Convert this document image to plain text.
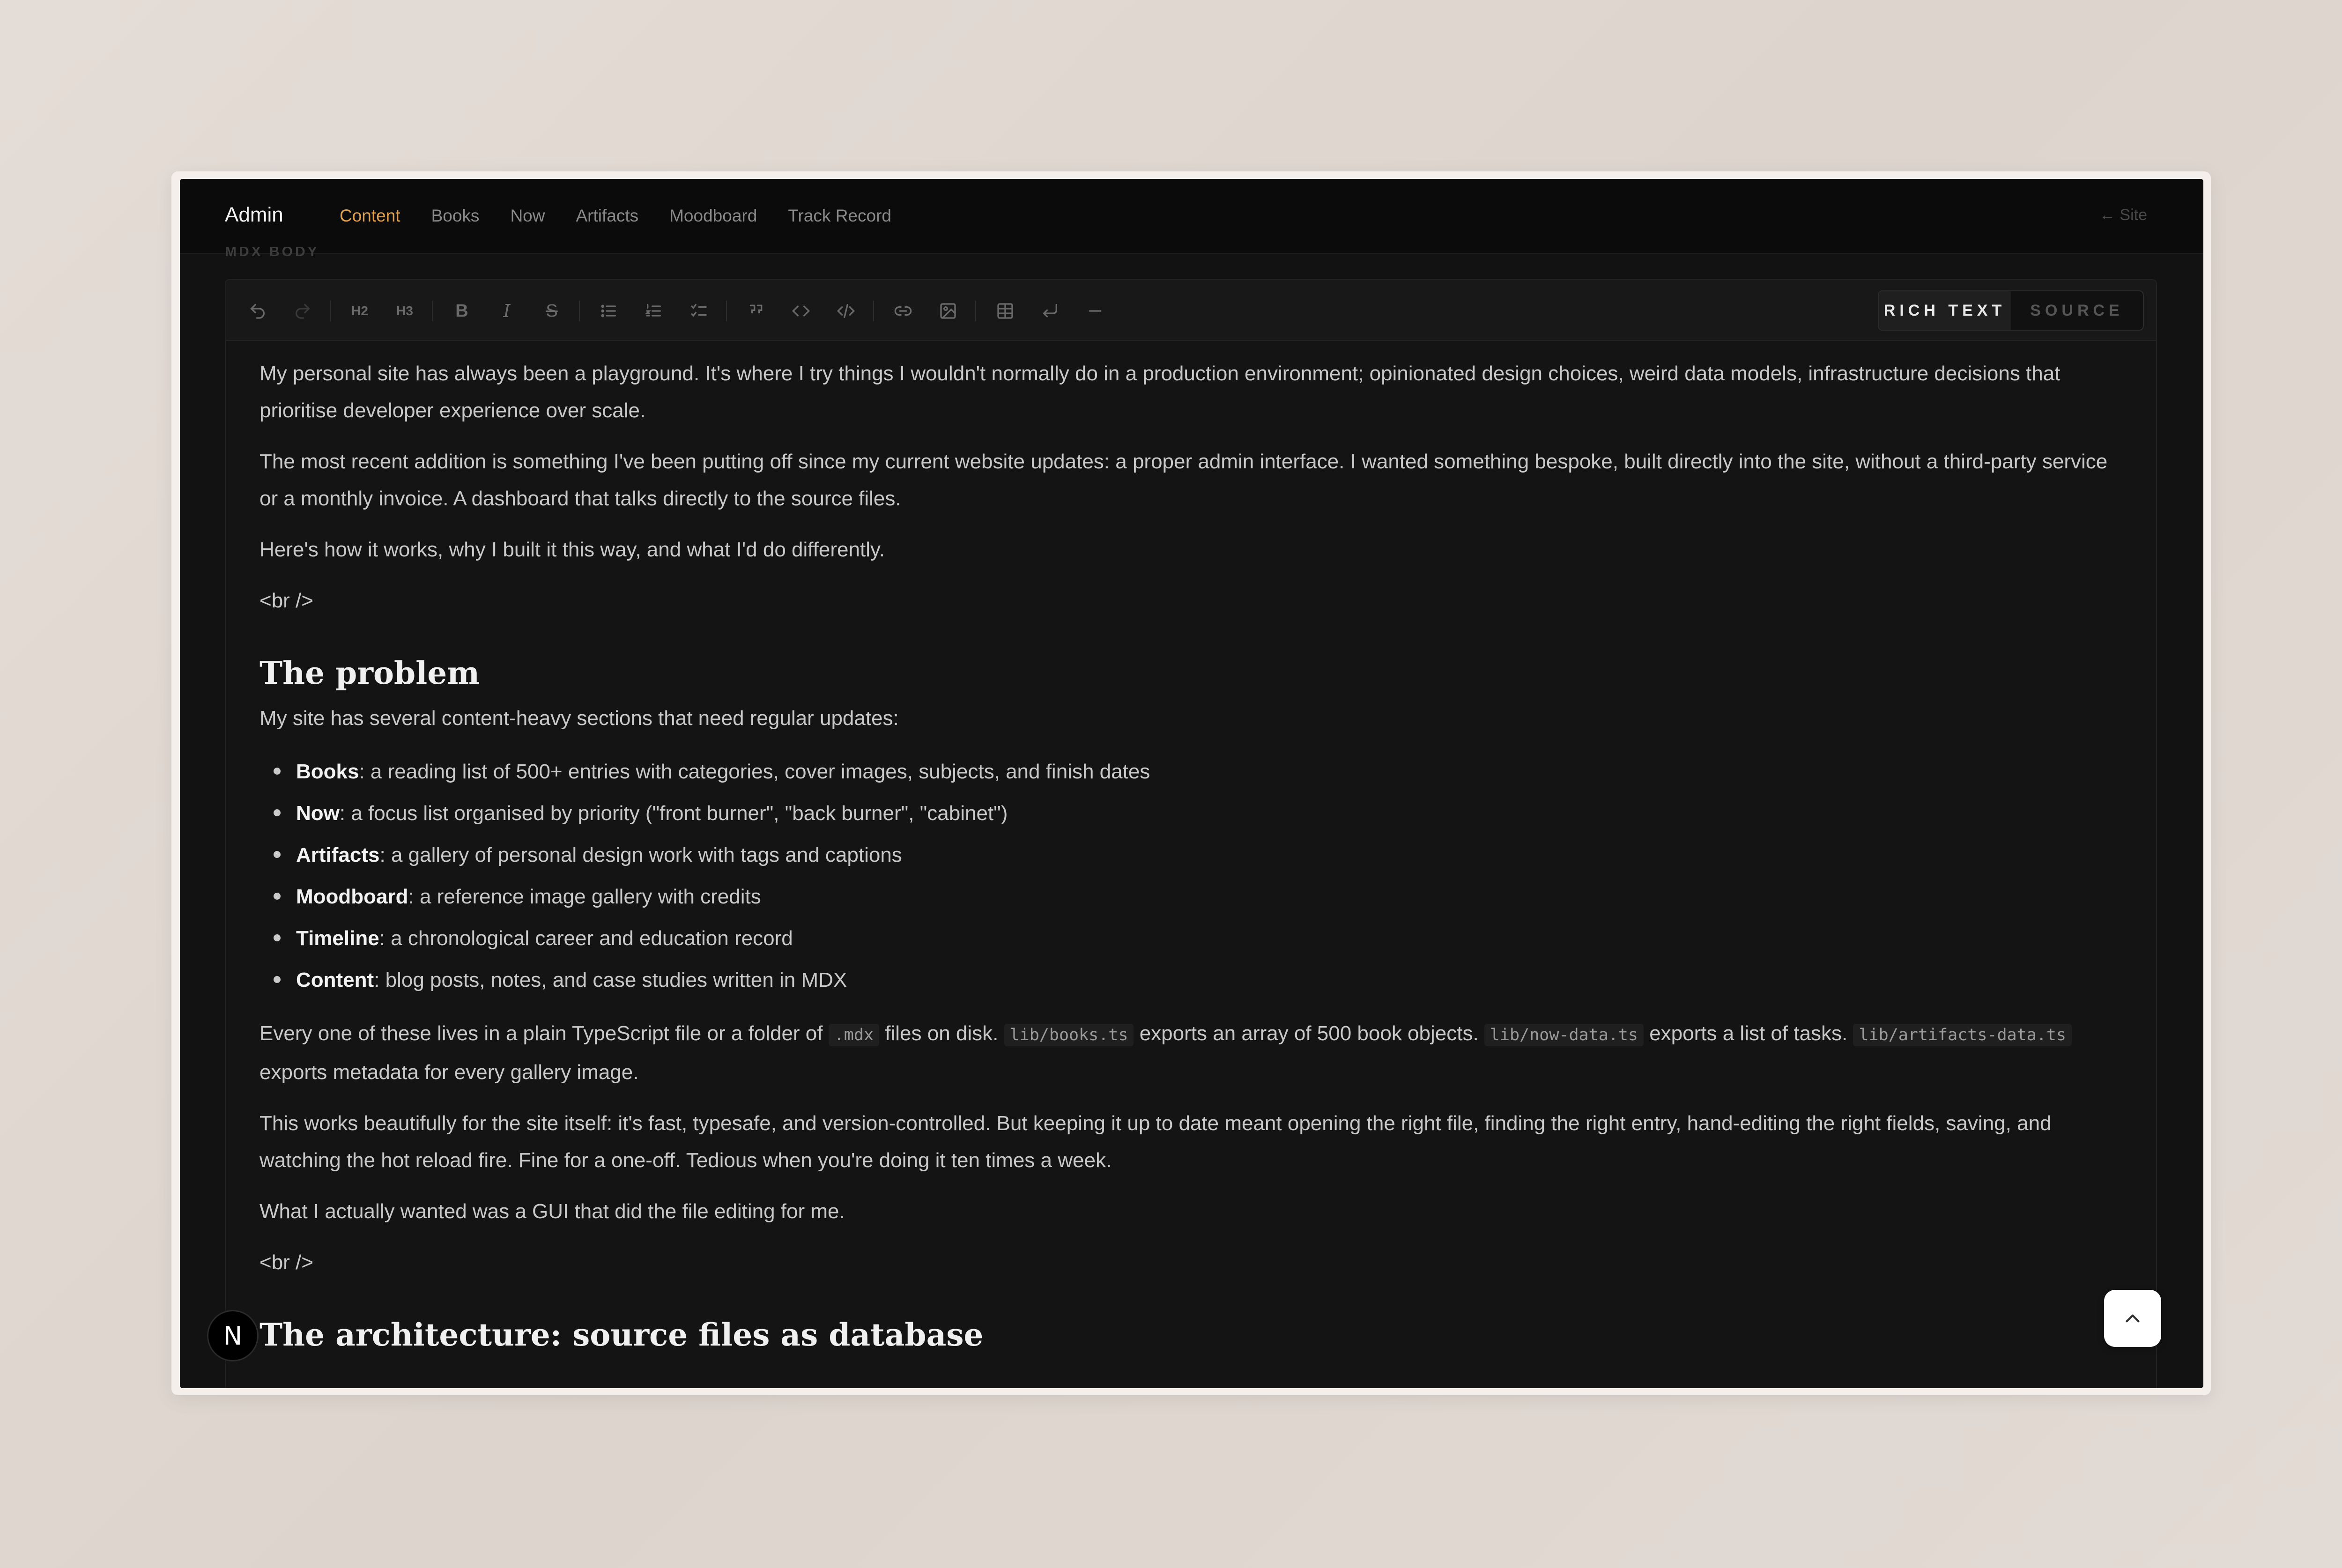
Admin	Content Books Now Artifacts Moodboard Track Record	← Site
MDX BODY
H2 H3 B I S	RICH TEXT	SOURCE

My personal site has always been a playground. It's where I try things I wouldn't normally do in a production environment; opinionated design choices, weird data models, infrastructure decisions that prioritise developer experience over scale.

The most recent addition is something I've been putting off since my current website updates: a proper admin interface. I wanted something bespoke, built directly into the site, without a third-party service or a monthly invoice. A dashboard that talks directly to the source files.

Here's how it works, why I built it this way, and what I'd do differently.

<br />

The problem

My site has several content-heavy sections that need regular updates:

Books: a reading list of 500+ entries with categories, cover images, subjects, and finish dates
Now: a focus list organised by priority ("front burner", "back burner", "cabinet")
Artifacts: a gallery of personal design work with tags and captions
Moodboard: a reference image gallery with credits
Timeline: a chronological career and education record
Content: blog posts, notes, and case studies written in MDX

Every one of these lives in a plain TypeScript file or a folder of .mdx files on disk. lib/books.ts exports an array of 500 book objects. lib/now-data.ts exports a list of tasks. lib/artifacts-data.ts exports metadata for every gallery image.

This works beautifully for the site itself: it's fast, typesafe, and version-controlled. But keeping it up to date meant opening the right file, finding the right entry, hand-editing the right fields, saving, and watching the hot reload fire. Fine for a one-off. Tedious when you're doing it ten times a week.

What I actually wanted was a GUI that did the file editing for me.

<br />

The architecture: source files as database
N
